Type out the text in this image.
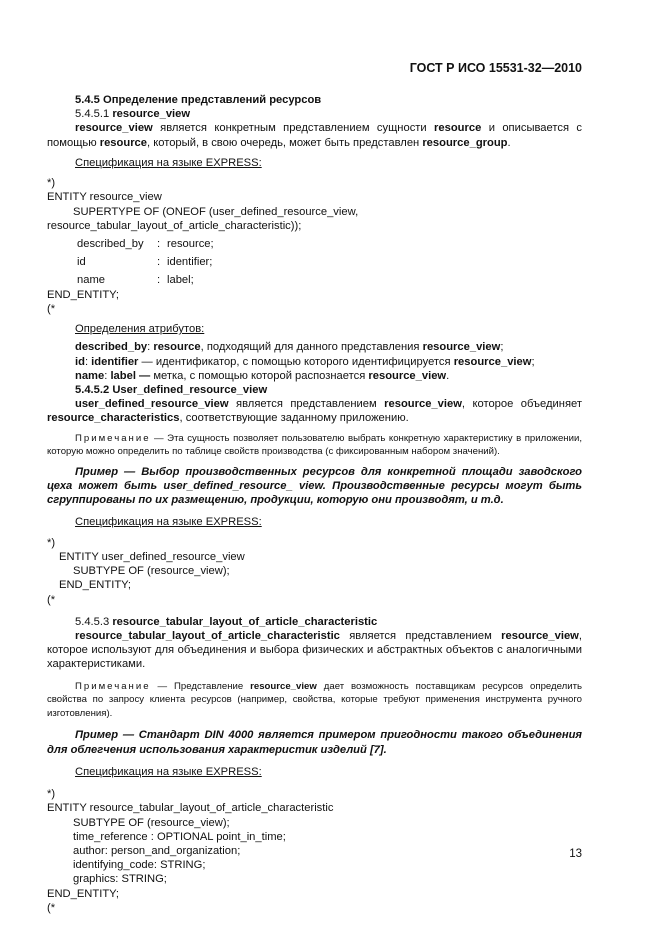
ГОСТ Р ИСО 15531-32—2010

5.4.5 Определение представлений ресурсов

5.4.5.1 resource_view

resource_view является конкретным представлением сущности resource и описывается с помощью resource, который, в свою очередь, может быть представлен resource_group.

Спецификация на языке EXPRESS:

*)

ENTITY resource_view

SUPERTYPE OF (ONEOF (user_defined_resource_view,

resource_tabular_layout_of_article_characteristic));

described_by	: resource;
id	: identifier;
name	: label;

END_ENTITY;

(*

Определения атрибутов:

described_by: resource, подходящий для данного представления resource_view;

id: identifier — идентификатор, с помощью которого идентифицируется resource_view;

name: label — метка, с помощью которой распознается resource_view.

5.4.5.2 User_defined_resource_view

user_defined_resource_view является представлением resource_view, которое объединяет resource_characteristics, соответствующие заданному приложению.

Примечание — Эта сущность позволяет пользователю выбрать конкретную характеристику в приложении, которую можно определить по таблице свойств производства (с фиксированным набором значений).

Пример — Выбор производственных ресурсов для конкретной площади заводского цеха может быть user_defined_resource_ view. Производственные ресурсы могут быть сгруппированы по их размещению, продукции, которую они производят, и т.д.

Спецификация на языке EXPRESS:

*)

ENTITY user_defined_resource_view

SUBTYPE OF (resource_view);

END_ENTITY;

(*

5.4.5.3 resource_tabular_layout_of_article_characteristic

resource_tabular_layout_of_article_characteristic является представлением resource_view, которое используют для объединения и выбора физических и абстрактных объектов с аналогичными характеристиками.

Примечание — Представление resource_view дает возможность поставщикам ресурсов определить свойства по запросу клиента ресурсов (например, свойства, которые требуют применения инструмента ручного изготовления).

Пример — Стандарт DIN 4000 является примером пригодности такого объединения для облегчения использования характеристик изделий [7].

Спецификация на языке EXPRESS:

*)

ENTITY resource_tabular_layout_of_article_characteristic

SUBTYPE OF (resource_view);

time_reference : OPTIONAL point_in_time;

author: person_and_organization;

identifying_code: STRING;

graphics: STRING;

END_ENTITY;

(*

13
